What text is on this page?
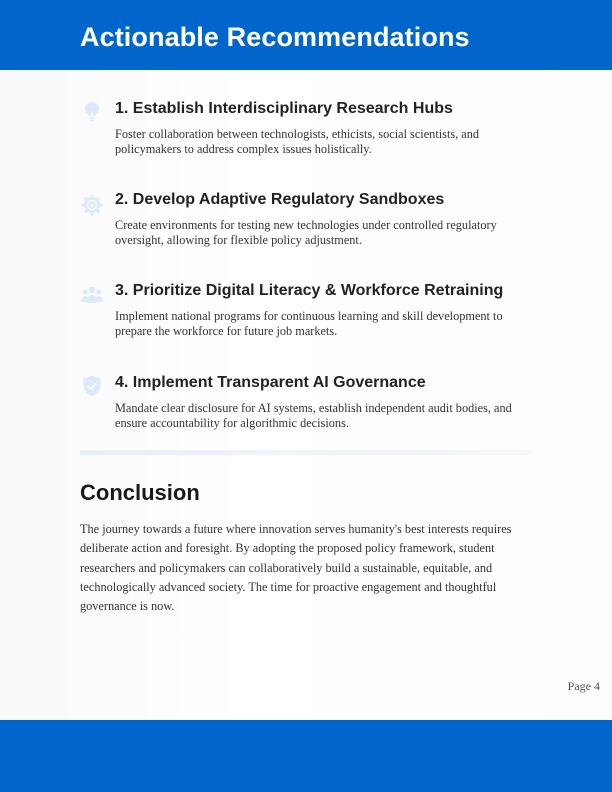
Actionable Recommendations
1. Establish Interdisciplinary Research Hubs
Foster collaboration between technologists, ethicists, social scientists, and policymakers to address complex issues holistically.
2. Develop Adaptive Regulatory Sandboxes
Create environments for testing new technologies under controlled regulatory oversight, allowing for flexible policy adjustment.
3. Prioritize Digital Literacy & Workforce Retraining
Implement national programs for continuous learning and skill development to prepare the workforce for future job markets.
4. Implement Transparent AI Governance
Mandate clear disclosure for AI systems, establish independent audit bodies, and ensure accountability for algorithmic decisions.
Conclusion
The journey towards a future where innovation serves humanity's best interests requires deliberate action and foresight. By adopting the proposed policy framework, student researchers and policymakers can collaboratively build a sustainable, equitable, and technologically advanced society. The time for proactive engagement and thoughtful governance is now.
Page 4
